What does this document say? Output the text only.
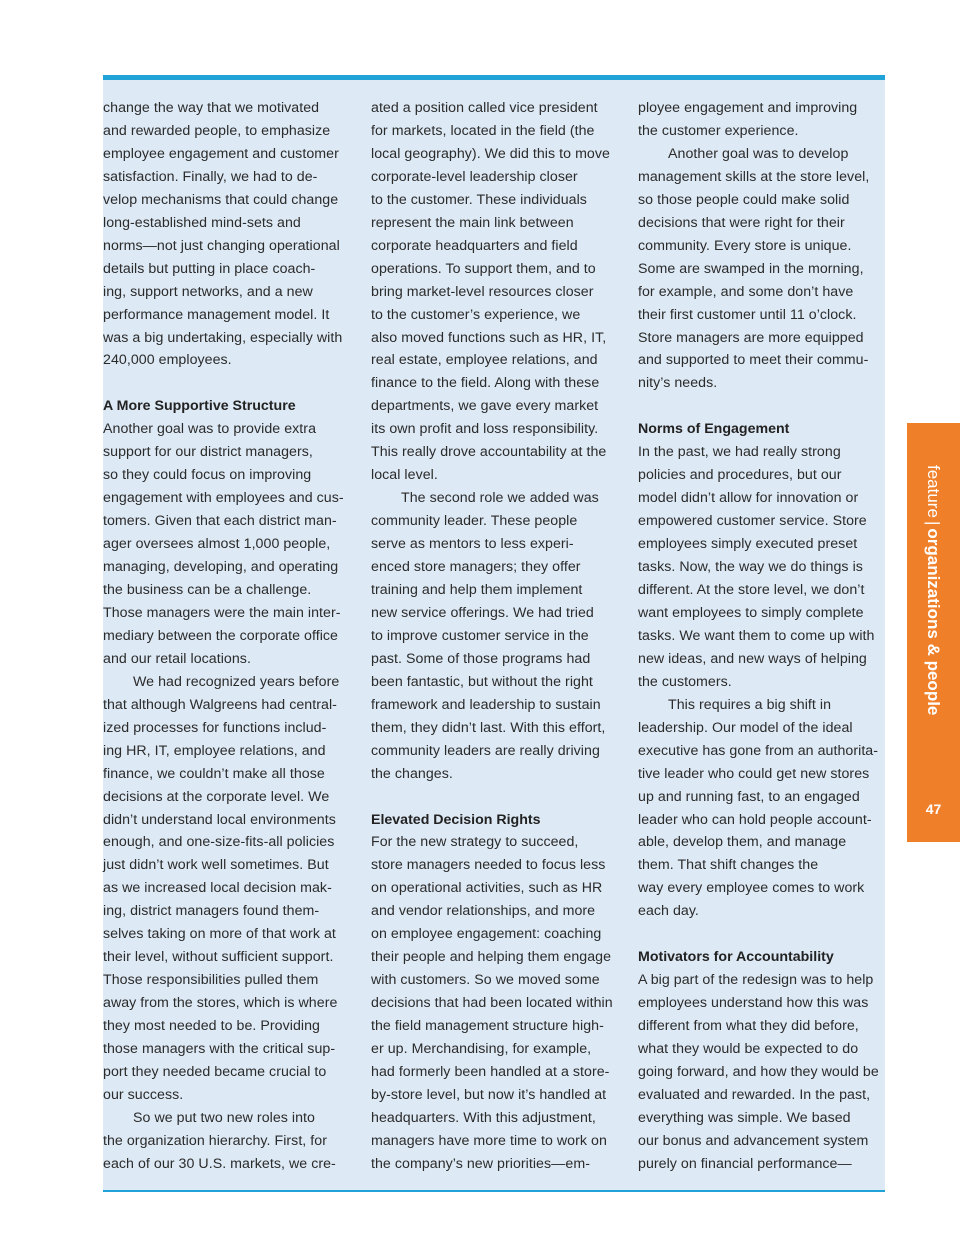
change the way that we motivated

and rewarded people, to emphasize

employee engagement and customer

satisfaction. Finally, we had to de-

velop mechanisms that could change

long-established mind-sets and

norms—not just changing operational

details but putting in place coach-

ing, support networks, and a new

performance management model. It

was a big undertaking, especially with

240,000 employees.

A More Supportive Structure

Another goal was to provide extra

support for our district managers,

so they could focus on improving

engagement with employees and cus-

tomers. Given that each district man-

ager oversees almost 1,000 people,

managing, developing, and operating

the business can be a challenge.

Those managers were the main inter-

mediary between the corporate office

and our retail locations.

We had recognized years before

that although Walgreens had central-

ized processes for functions includ-

ing HR, IT, employee relations, and

finance, we couldn’t make all those

decisions at the corporate level. We

didn’t understand local environments

enough, and one-size-fits-all policies

just didn’t work well sometimes. But

as we increased local decision mak-

ing, district managers found them-

selves taking on more of that work at

their level, without sufficient support.

Those responsibilities pulled them

away from the stores, which is where

they most needed to be. Providing

those managers with the critical sup-

port they needed became crucial to

our success.

So we put two new roles into

the organization hierarchy. First, for

each of our 30 U.S. markets, we cre-

ated a position called vice president

for markets, located in the field (the

local geography). We did this to move

corporate-level leadership closer

to the customer. These individuals

represent the main link between

corporate headquarters and field

operations. To support them, and to

bring market-level resources closer

to the customer’s experience, we

also moved functions such as HR, IT,

real estate, employee relations, and

finance to the field. Along with these

departments, we gave every market

its own profit and loss responsibility.

This really drove accountability at the

local level.

The second role we added was

community leader. These people

serve as mentors to less experi-

enced store managers; they offer

training and help them implement

new service offerings. We had tried

to improve customer service in the

past. Some of those programs had

been fantastic, but without the right

framework and leadership to sustain

them, they didn’t last. With this effort,

community leaders are really driving

the changes.

Elevated Decision Rights

For the new strategy to succeed,

store managers needed to focus less

on operational activities, such as HR

and vendor relationships, and more

on employee engagement: coaching

their people and helping them engage

with customers. So we moved some

decisions that had been located within

the field management structure high-

er up. Merchandising, for example,

had formerly been handled at a store-

by-store level, but now it’s handled at

headquarters. With this adjustment,

managers have more time to work on

the company’s new priorities—em-

ployee engagement and improving

the customer experience.

Another goal was to develop

management skills at the store level,

so those people could make solid

decisions that were right for their

community. Every store is unique.

Some are swamped in the morning,

for example, and some don’t have

their first customer until 11 o’clock.

Store managers are more equipped

and supported to meet their commu-

nity’s needs.

Norms of Engagement

In the past, we had really strong

policies and procedures, but our

model didn’t allow for innovation or

empowered customer service. Store

employees simply executed preset

tasks. Now, the way we do things is

different. At the store level, we don’t

want employees to simply complete

tasks. We want them to come up with

new ideas, and new ways of helping

the customers.

This requires a big shift in

leadership. Our model of the ideal

executive has gone from an authorita-

tive leader who could get new stores

up and running fast, to an engaged

leader who can hold people account-

able, develop them, and manage

them. That shift changes the

way every employee comes to work

each day.

Motivators for Accountability

A big part of the redesign was to help

employees understand how this was

different from what they did before,

what they would be expected to do

going forward, and how they would be

evaluated and rewarded. In the past,

everything was simple. We based

our bonus and advancement system

purely on financial performance—

feature|organizations & people
47
